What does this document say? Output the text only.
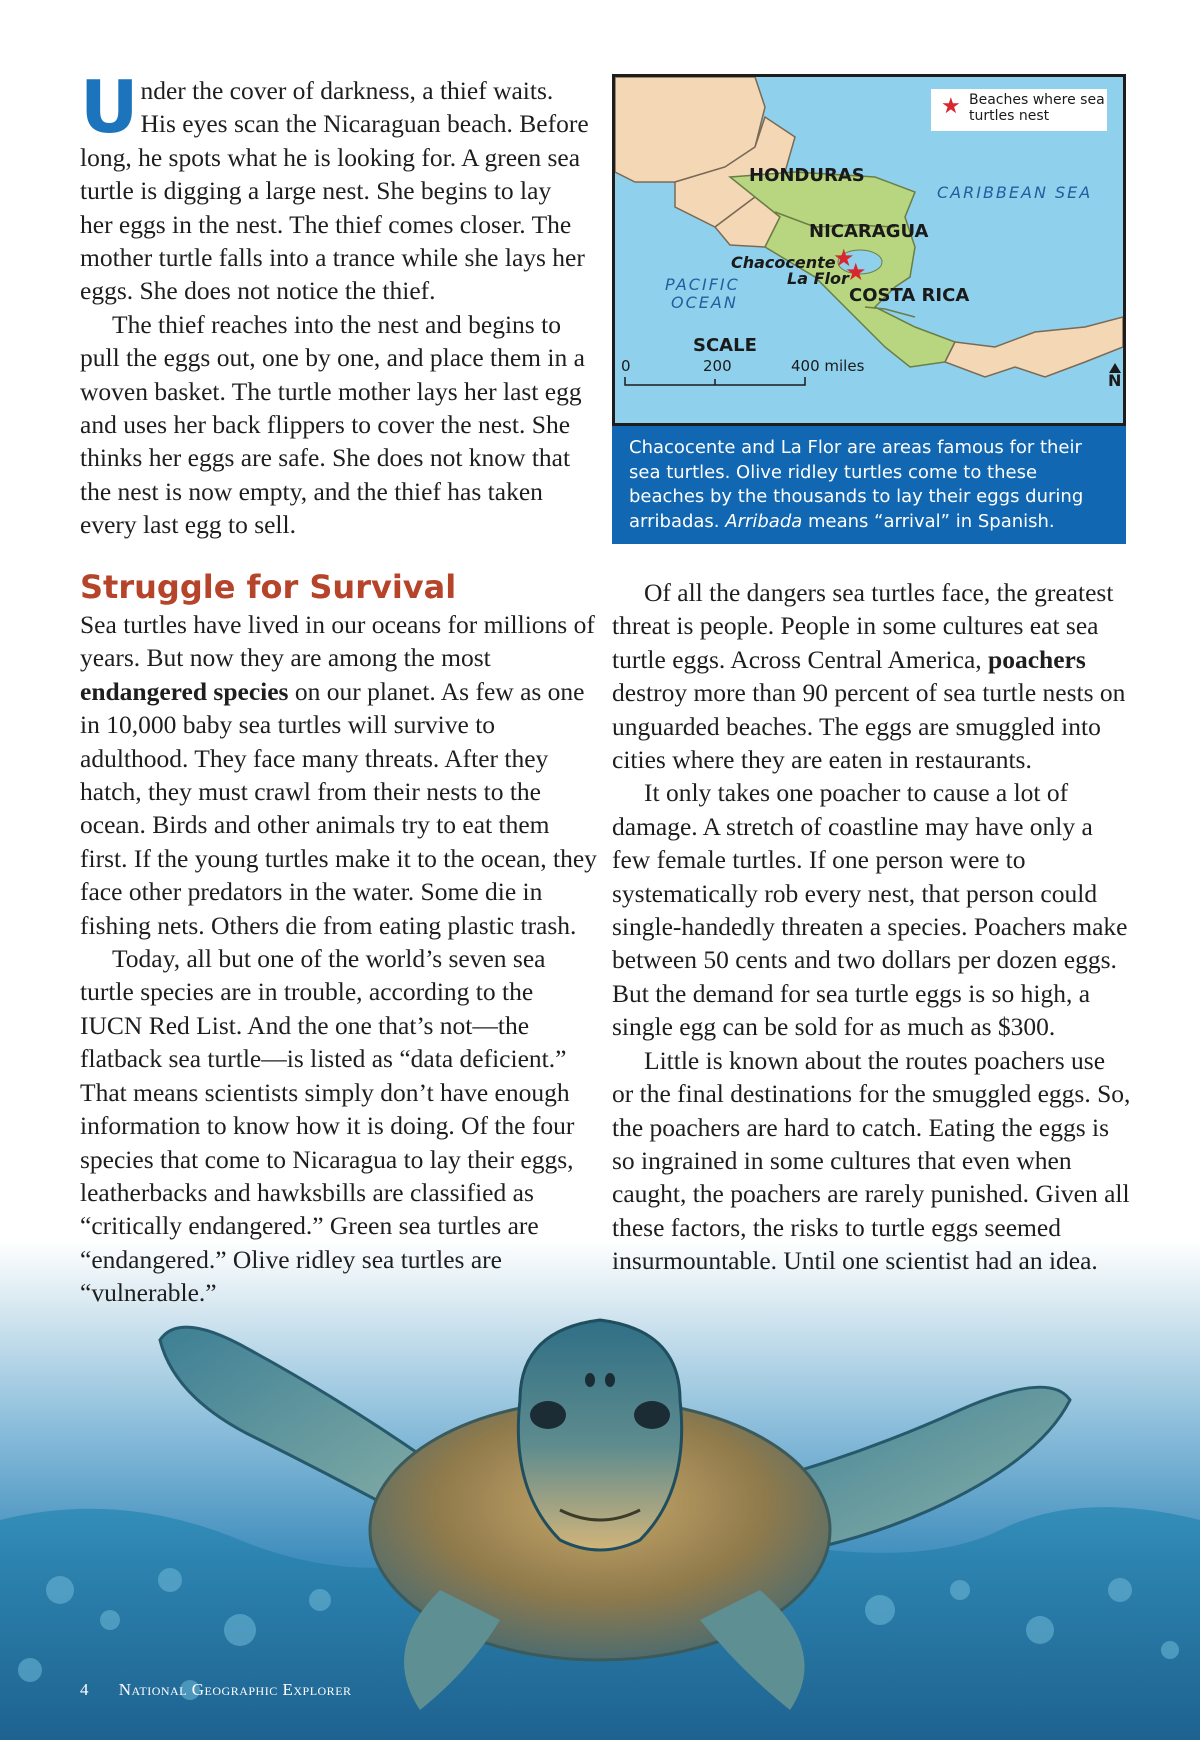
Under the cover of darkness, a thief waits. His eyes scan the Nicaraguan beach. Before long, he spots what he is looking for. A green sea turtle is digging a large nest. She begins to lay her eggs in the nest. The thief comes closer. The mother turtle falls into a trance while she lays her eggs. She does not notice the thief.

The thief reaches into the nest and begins to pull the eggs out, one by one, and place them in a woven basket. The turtle mother lays her last egg and uses her back flippers to cover the nest. She thinks her eggs are safe. She does not know that the nest is now empty, and the thief has taken every last egg to sell.

★ Beaches where sea turtles nest
HONDURAS
NICARAGUA
COSTA RICA
CARIBBEAN SEA
PACIFIC
OCEAN
Chacocente
La Flor
★
★
SCALE
0	200	400 miles
N
Chacocente and La Flor are areas famous for their sea turtles. Olive ridley turtles come to these beaches by the thousands to lay their eggs during arribadas. Arribada means “arrival” in Spanish.
Struggle for Survival

Sea turtles have lived in our oceans for millions of years. But now they are among the most endangered species on our planet. As few as one in 10,000 baby sea turtles will survive to adulthood. They face many threats. After they hatch, they must crawl from their nests to the ocean. Birds and other animals try to eat them first. If the young turtles make it to the ocean, they face other predators in the water. Some die in fishing nets. Others die from eating plastic trash.

Today, all but one of the world’s seven sea turtle species are in trouble, according to the IUCN Red List. And the one that’s not—the flatback sea turtle—is listed as “data deficient.” That means scientists simply don’t have enough information to know how it is doing. Of the four species that come to Nicaragua to lay their eggs, leatherbacks and hawksbills are classified as “critically endangered.” Green sea turtles are “endangered.” Olive ridley sea turtles are “vulnerable.”

Of all the dangers sea turtles face, the greatest threat is people. People in some cultures eat sea turtle eggs. Across Central America, poachers destroy more than 90 percent of sea turtle nests on unguarded beaches. The eggs are smuggled into cities where they are eaten in restaurants.

It only takes one poacher to cause a lot of damage. A stretch of coastline may have only a few female turtles. If one person were to systematically rob every nest, that person could single-handedly threaten a species. Poachers make between 50 cents and two dollars per dozen eggs. But the demand for sea turtle eggs is so high, a single egg can be sold for as much as $300.

Little is known about the routes poachers use or the final destinations for the smuggled eggs. So, the poachers are hard to catch. Eating the eggs is so ingrained in some cultures that even when caught, the poachers are rarely punished. Given all these factors, the risks to turtle eggs seemed insurmountable. Until one scientist had an idea.

4 National Geographic Explorer
